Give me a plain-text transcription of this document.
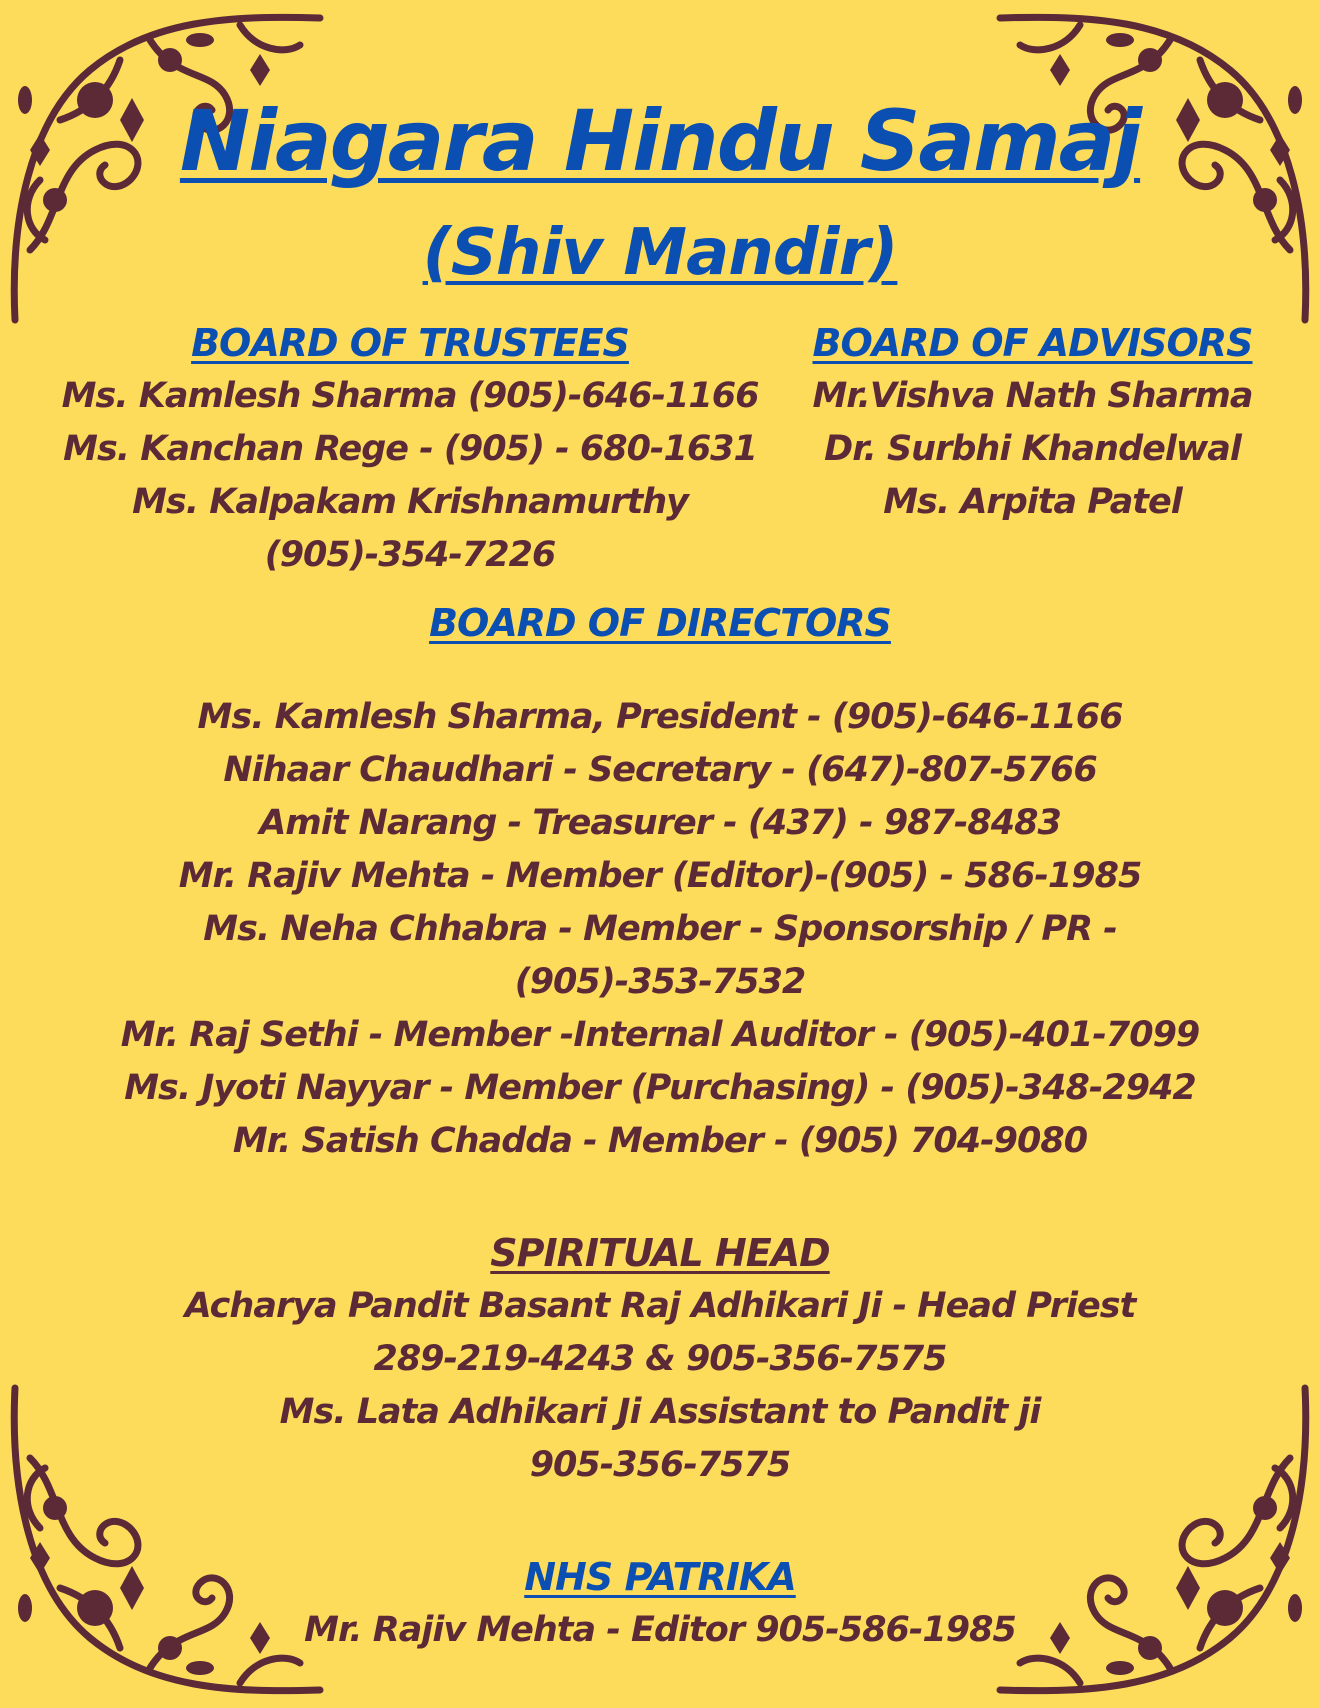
Niagara Hindu Samaj
(Shiv Mandir)

BOARD OF TRUSTEES

Ms. Kamlesh Sharma (905)-646-1166

Ms. Kanchan Rege - (905) - 680-1631

Ms. Kalpakam Krishnamurthy

(905)-354-7226

BOARD OF ADVISORS

Mr.Vishva Nath Sharma

Dr. Surbhi Khandelwal

Ms. Arpita Patel

BOARD OF DIRECTORS

Ms. Kamlesh Sharma, President - (905)-646-1166

Nihaar Chaudhari - Secretary - (647)-807-5766

Amit Narang - Treasurer - (437) - 987-8483

Mr. Rajiv Mehta - Member (Editor)-(905) - 586-1985

Ms. Neha Chhabra - Member - Sponsorship / PR -

(905)-353-7532

Mr. Raj Sethi - Member -Internal Auditor - (905)-401-7099

Ms. Jyoti Nayyar - Member (Purchasing) - (905)-348-2942

Mr. Satish Chadda - Member - (905) 704-9080

SPIRITUAL HEAD

Acharya Pandit Basant Raj Adhikari Ji - Head Priest

289-219-4243 & 905-356-7575

Ms. Lata Adhikari Ji Assistant to Pandit ji

905-356-7575

NHS PATRIKA

Mr. Rajiv Mehta - Editor 905-586-1985
